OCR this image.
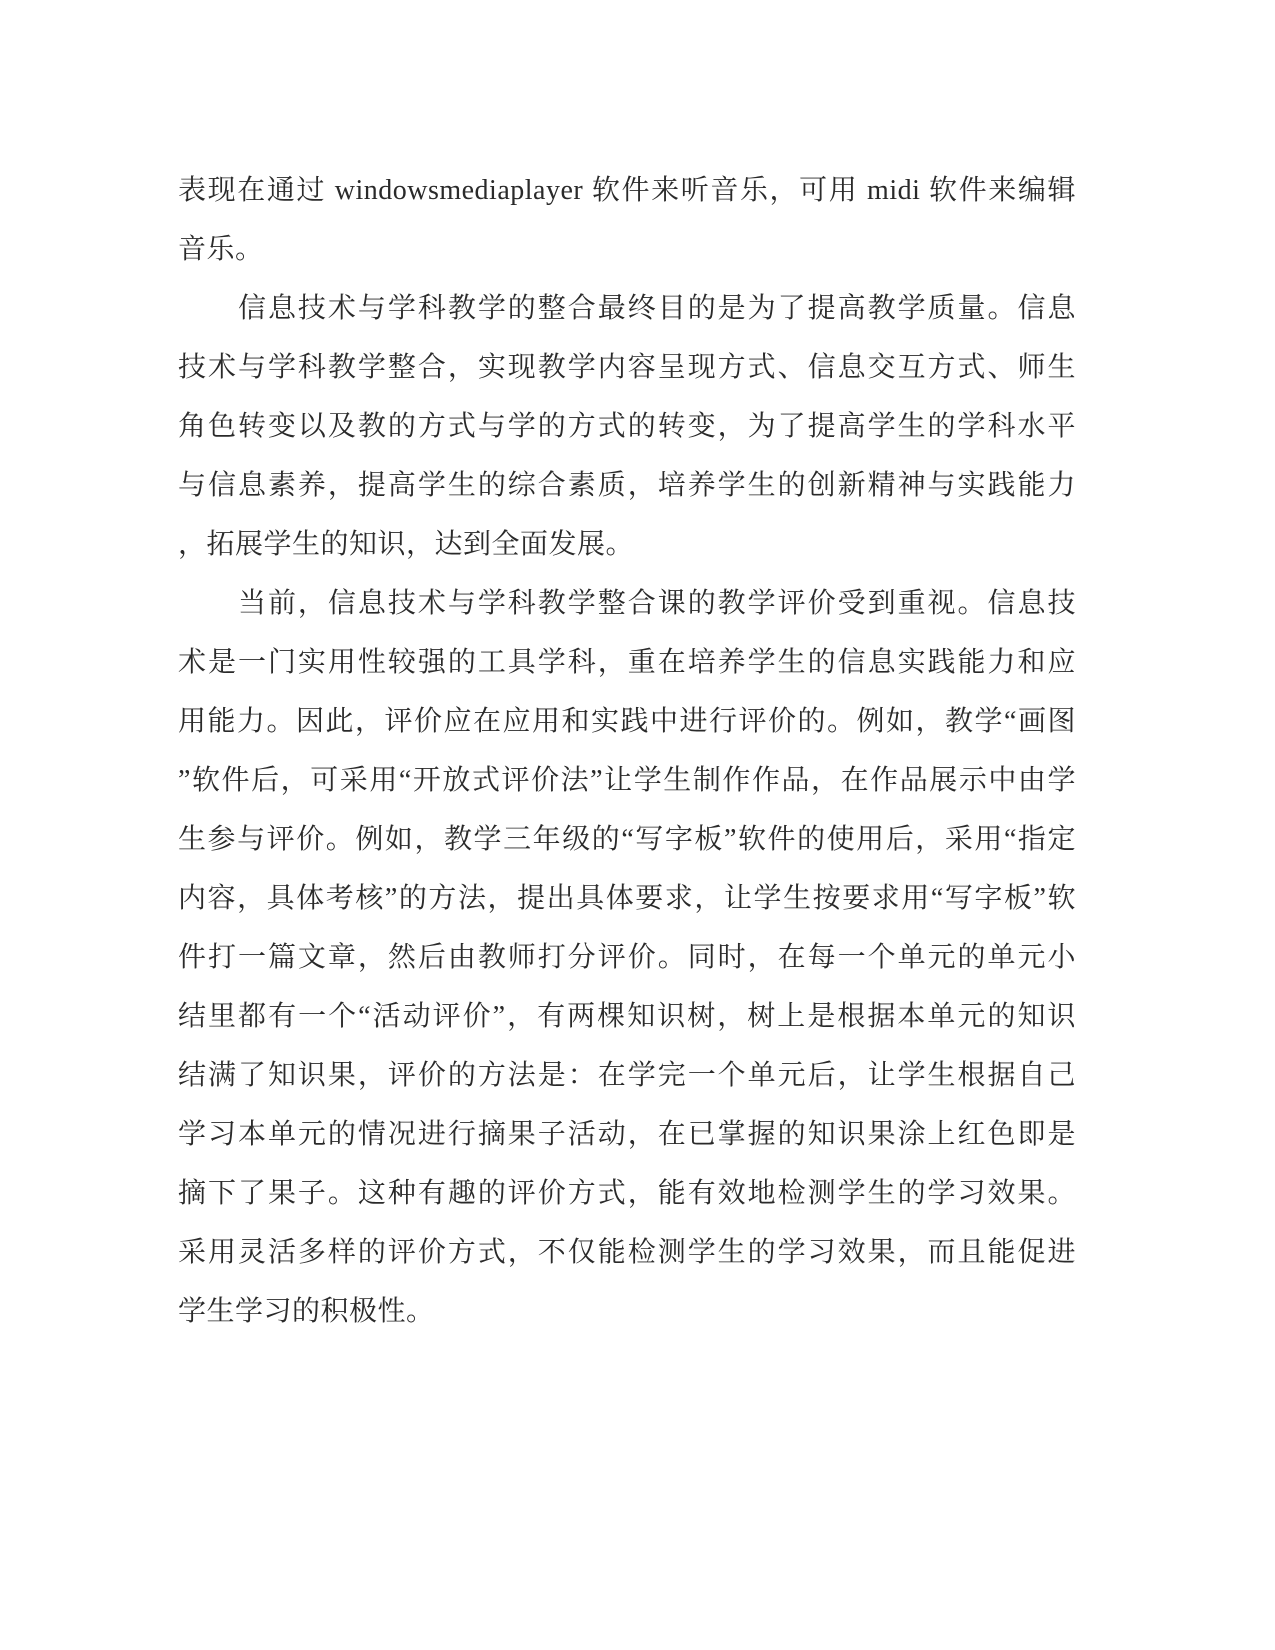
表现在通过 windowsmediaplayer 软件来听音乐，可用 midi 软件来编辑
音乐。
　　信息技术与学科教学的整合最终目的是为了提高教学质量。信息
技术与学科教学整合，实现教学内容呈现方式、信息交互方式、师生
角色转变以及教的方式与学的方式的转变，为了提高学生的学科水平
与信息素养，提高学生的综合素质，培养学生的创新精神与实践能力
，拓展学生的知识，达到全面发展。
　　当前，信息技术与学科教学整合课的教学评价受到重视。信息技
术是一门实用性较强的工具学科，重在培养学生的信息实践能力和应
用能力。因此，评价应在应用和实践中进行评价的。例如，教学“画图
”软件后，可采用“开放式评价法”让学生制作作品，在作品展示中由学
生参与评价。例如，教学三年级的“写字板”软件的使用后，采用“指定
内容，具体考核”的方法，提出具体要求，让学生按要求用“写字板”软
件打一篇文章，然后由教师打分评价。同时，在每一个单元的单元小
结里都有一个“活动评价”，有两棵知识树，树上是根据本单元的知识
结满了知识果，评价的方法是：在学完一个单元后，让学生根据自己
学习本单元的情况进行摘果子活动，在已掌握的知识果涂上红色即是
摘下了果子。这种有趣的评价方式，能有效地检测学生的学习效果。
采用灵活多样的评价方式，不仅能检测学生的学习效果，而且能促进
学生学习的积极性。
